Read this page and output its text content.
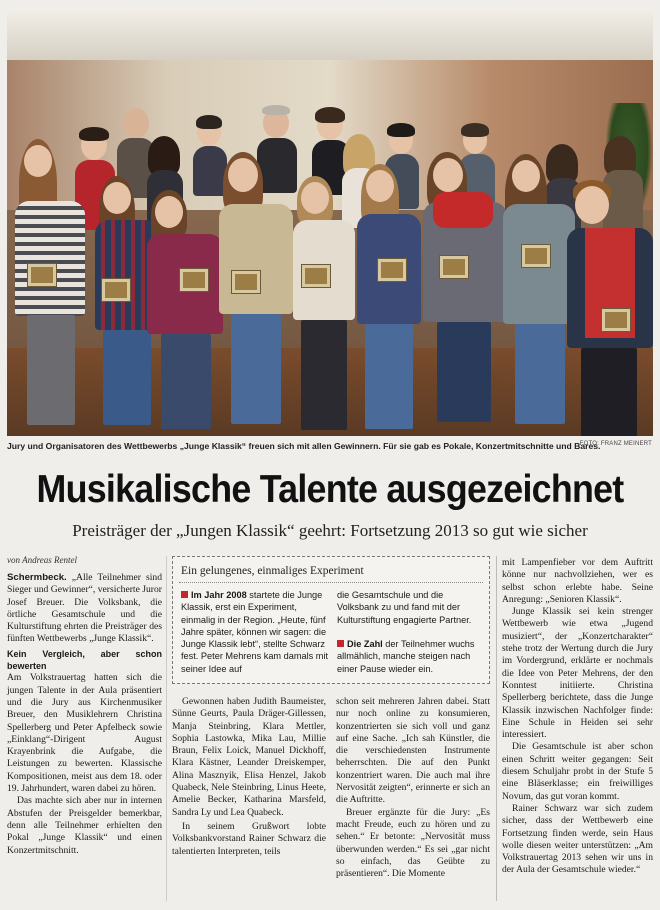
Jury und Organisatoren des Wettbewerbs „Junge Klassik“ freuen sich mit allen Gewinnern. Für sie gab es Pokale, Konzertmitschnitte und Bares.
FOTO: FRANZ MEINERT
Musikalische Talente ausgezeichnet
Preisträger der „Jungen Klassik“ geehrt: Fortsetzung 2013 so gut wie sicher
von Andreas Rentel

Schermbeck. „Alle Teilnehmer sind Sieger und Gewinner“, versicherte Juror Josef Breuer. Die Volksbank, die örtliche Gesamtschule und die Kulturstiftung ehrten die Preisträger des fünften Wettbewerbs „Junge Klassik“.

Kein Vergleich, aber schon bewerten

Am Volkstrauertag hatten sich die jungen Talente in der Aula präsentiert und die Jury aus Kirchenmusiker Breuer, den Musiklehrern Christina Spellerberg und Peter Apfelbeck sowie „Einklang“-Dirigent August Krayenbrink die Aufgabe, die Leistungen zu bewerten. Klassische Kompositionen, meist aus dem 18. oder 19. Jahrhundert, waren dabei zu hören.

Das machte sich aber nur in internen Abstufen der Preisgelder bemerkbar, denn alle Teilnehmer erhielten den Pokal „Junge Klassik“ und einen Konzertmitschnitt.

Ein gelungenes, einmaliges Experiment
Im Jahr 2008 startete die Junge Klassik, erst ein Experiment, einmalig in der Region. „Heute, fünf Jahre später, können wir sagen: die Junge Klassik lebt“, stellte Schwarz fest. Peter Mehrens kam damals mit seiner Idee auf
die Gesamtschule und die Volksbank zu und fand mit der Kulturstiftung engagierte Partner.

Die Zahl der Teilnehmer wuchs allmählich, manche steigen nach einer Pause wieder ein.

Gewonnen haben Judith Baumeister, Sünne Geurts, Paula Dräger-Gillessen, Manja Steinbring, Klara Mettler, Sophia Lastowka, Mika Lau, Millie Braun, Felix Loick, Manuel Dickhoff, Klara Kästner, Leander Dreiskemper, Alina Masznyik, Elisa Henzel, Jakob Quabeck, Nele Steinbring, Linus Heete, Amelie Becker, Katharina Marsfeld, Sandra Ly und Lea Quabeck.

In seinem Grußwort lobte Volksbankvorstand Rainer Schwarz die talentierten Interpreten, teils

schon seit mehreren Jahren dabei. Statt nur noch online zu konsumieren, konzentrierten sie sich voll und ganz auf eine Sache. „Ich sah Künstler, die die verschiedensten Instrumente beherrschten. Die auf den Punkt konzentriert waren. Die auch mal ihre Nervosität zeigten“, erinnerte er sich an die Auftritte.

Breuer ergänzte für die Jury: „Es macht Freude, euch zu hören und zu sehen.“ Er betonte: „Nervosität muss überwunden werden.“ Es sei „gar nicht so einfach, das Geübte zu präsentieren“. Die Momente

mit Lampenfieber vor dem Auftritt könne nur nachvollziehen, wer es selbst schon erlebte habe. Seine Anregung: „Senioren Klassik“.

Junge Klassik sei kein strenger Wettbewerb wie etwa „Jugend musiziert“, der „Konzertcharakter“ stehe trotz der Wertung durch die Jury im Vordergrund, erklärte er nochmals die Idee von Peter Mehrens, der den Konntest initiierte. Christina Spellerberg berichtete, dass die Junge Klassik inzwischen Nachfolger finde: Eine Schule in Heiden sei sehr interessiert.

Die Gesamtschule ist aber schon einen Schritt weiter gegangen: Seit diesem Schuljahr probt in der Stufe 5 eine Bläserklasse; ein freiwilliges Novum, das gut voran kommt.

Rainer Schwarz war sich zudem sicher, dass der Wettbewerb eine Fortsetzung finden werde, sein Haus wolle diesen weiter unterstützen: „Am Volkstrauertag 2013 sehen wir uns in der Aula der Gesamtschule wieder.“
